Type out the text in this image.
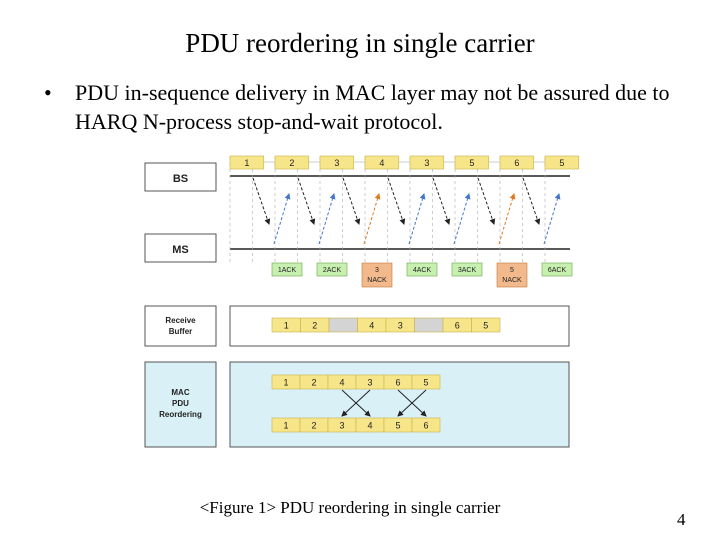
PDU reordering in single carrier
• PDU in-sequence delivery in MAC layer may not be assured due to HARQ N-process stop-and-wait protocol.
BS
MS
Receive
Buffer
MAC
PDU
Reordering
1	2	3	4	3	5	6	5
1ACK	2ACK	3
NACK
4ACK	3ACK	5
NACK
6ACK
1	2	4	3	6	5
1	2	4	3	6	5
1	2	3	4	5	6
<Figure 1> PDU reordering in single carrier
4
